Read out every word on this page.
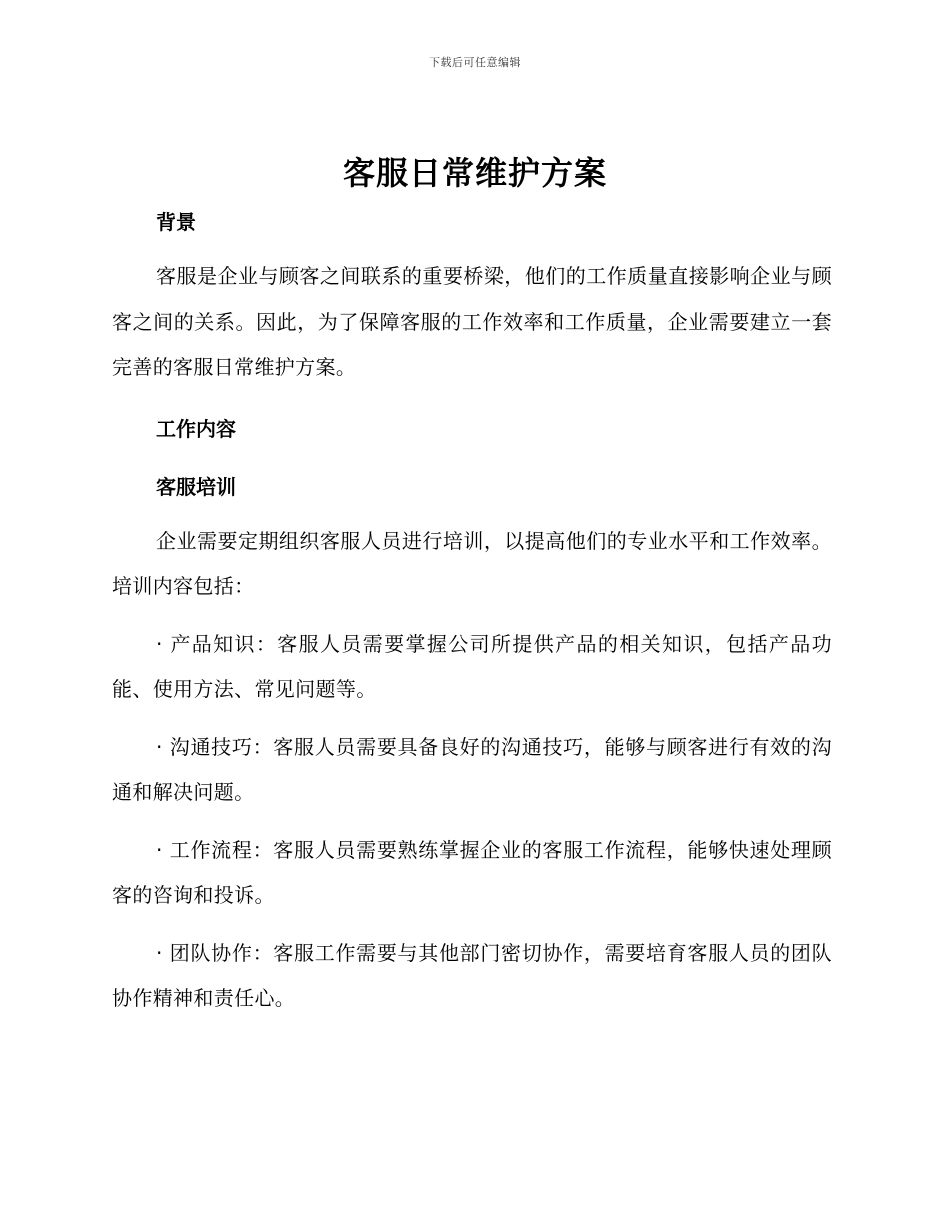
下载后可任意编辑
客服日常维护方案
背景

客服是企业与顾客之间联系的重要桥梁，他们的工作质量直接影响企业与顾客之间的关系。因此，为了保障客服的工作效率和工作质量，企业需要建立一套完善的客服日常维护方案。

工作内容
客服培训

企业需要定期组织客服人员进行培训，以提高他们的专业水平和工作效率。培训内容包括：

· 产品知识：客服人员需要掌握公司所提供产品的相关知识，包括产品功能、使用方法、常见问题等。

· 沟通技巧：客服人员需要具备良好的沟通技巧，能够与顾客进行有效的沟通和解决问题。

· 工作流程：客服人员需要熟练掌握企业的客服工作流程，能够快速处理顾客的咨询和投诉。

· 团队协作：客服工作需要与其他部门密切协作，需要培育客服人员的团队协作精神和责任心。
